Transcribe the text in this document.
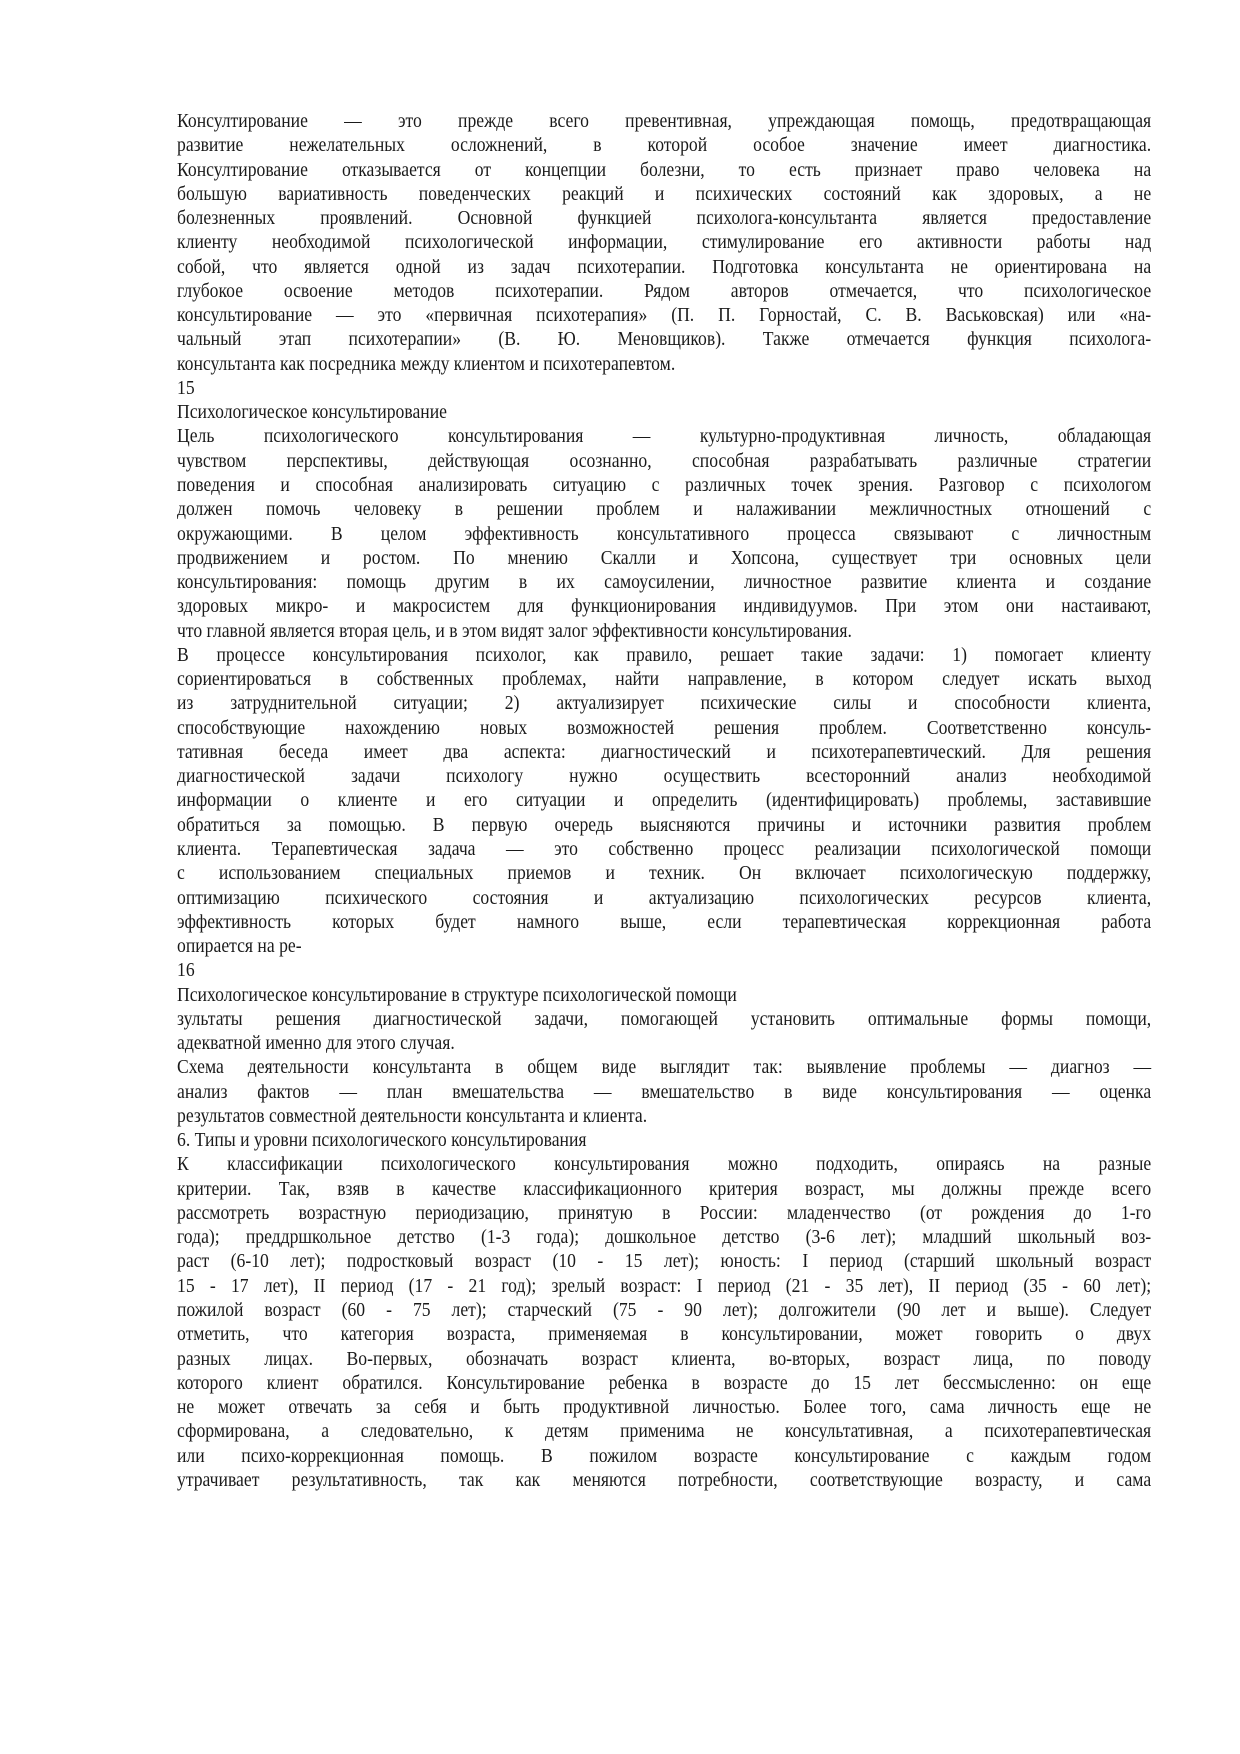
Консултирование — это прежде всего превентивная, упреждающая помощь, предотвращающая
развитие нежелательных осложнений, в которой особое значение имеет диагностика.
Консултирование отказывается от концепции болезни, то есть признает право человека на
большую вариативность поведенческих реакций и психических состояний как здоровых, а не
болезненных проявлений. Основной функцией психолога-консультанта является предоставление
клиенту необходимой психологической информации, стимулирование его активности работы над
собой, что является одной из задач психотерапии. Подготовка консультанта не ориентирована на
глубокое освоение методов психотерапии. Рядом авторов отмечается, что психологическое
консультирование — это «первичная психотерапия» (П. П. Горностай, С. В. Васьковская) или «на-
чальный этап психотерапии» (В. Ю. Меновщиков). Также отмечается функция психолога-
консультанта как посредника между клиентом и психотерапевтом.
15
Психологическое консультирование
Цель психологического консультирования — культурно-продуктивная личность, обладающая
чувством перспективы, действующая осознанно, способная разрабатывать различные стратегии
поведения и способная анализировать ситуацию с различных точек зрения. Разговор с психологом
должен помочь человеку в решении проблем и налаживании межличностных отношений с
окружающими. В целом эффективность консультативного процесса связывают с личностным
продвижением и ростом. По мнению Скалли и Хопсона, существует три основных цели
консультирования: помощь другим в их самоусилении, личностное развитие клиента и создание
здоровых микро- и макросистем для функционирования индивидуумов. При этом они настаивают,
что главной является вторая цель, и в этом видят залог эффективности консультирования.
В процессе консультирования психолог, как правило, решает такие задачи: 1) помогает клиенту
сориентироваться в собственных проблемах, найти направление, в котором следует искать выход
из затруднительной ситуации; 2) актуализирует психические силы и способности клиента,
способствующие нахождению новых возможностей решения проблем. Соответственно консуль-
тативная беседа имеет два аспекта: диагностический и психотерапевтический. Для решения
диагностической задачи психологу нужно осуществить всесторонний анализ необходимой
информации о клиенте и его ситуации и определить (идентифицировать) проблемы, заставившие
обратиться за помощью. В первую очередь выясняются причины и источники развития проблем
клиента. Терапевтическая задача — это собственно процесс реализации психологической помощи
с использованием специальных приемов и техник. Он включает психологическую поддержку,
оптимизацию психического состояния и актуализацию психологических ресурсов клиента,
эффективность которых будет намного выше, если терапевтическая коррекционная работа
опирается на ре-
16
Психологическое консультирование в структуре психологической помощи
зультаты решения диагностической задачи, помогающей установить оптимальные формы помощи,
адекватной именно для этого случая.
Схема деятельности консультанта в общем виде выглядит так: выявление проблемы — диагноз —
анализ фактов — план вмешательства — вмешательство в виде консультирования — оценка
результатов совместной деятельности консультанта и клиента.
6. Типы и уровни психологического консультирования
К классификации психологического консультирования можно подходить, опираясь на разные
критерии. Так, взяв в качестве классификационного критерия возраст, мы должны прежде всего
рассмотреть возрастную периодизацию, принятую в России: младенчество (от рождения до 1-го
года); преддршкольное детство (1-3 года); дошкольное детство (3-6 лет); младший школьный воз-
раст (6-10 лет); подростковый возраст (10 - 15 лет); юность: I период (старший школьный возраст
15 - 17 лет), II период (17 - 21 год); зрелый возраст: I период (21 - 35 лет), II период (35 - 60 лет);
пожилой возраст (60 - 75 лет); старческий (75 - 90 лет); долгожители (90 лет и выше). Следует
отметить, что категория возраста, применяемая в консультировании, может говорить о двух
разных лицах. Во-первых, обозначать возраст клиента, во-вторых, возраст лица, по поводу
которого клиент обратился. Консультирование ребенка в возрасте до 15 лет бессмысленно: он еще
не может отвечать за себя и быть продуктивной личностью. Более того, сама личность еще не
сформирована, а следовательно, к детям применима не консультативная, а психотерапевтическая
или психо-коррекционная помощь. В пожилом возрасте консультирование с каждым годом
утрачивает результативность, так как меняются потребности, соответствующие возрасту, и сама
